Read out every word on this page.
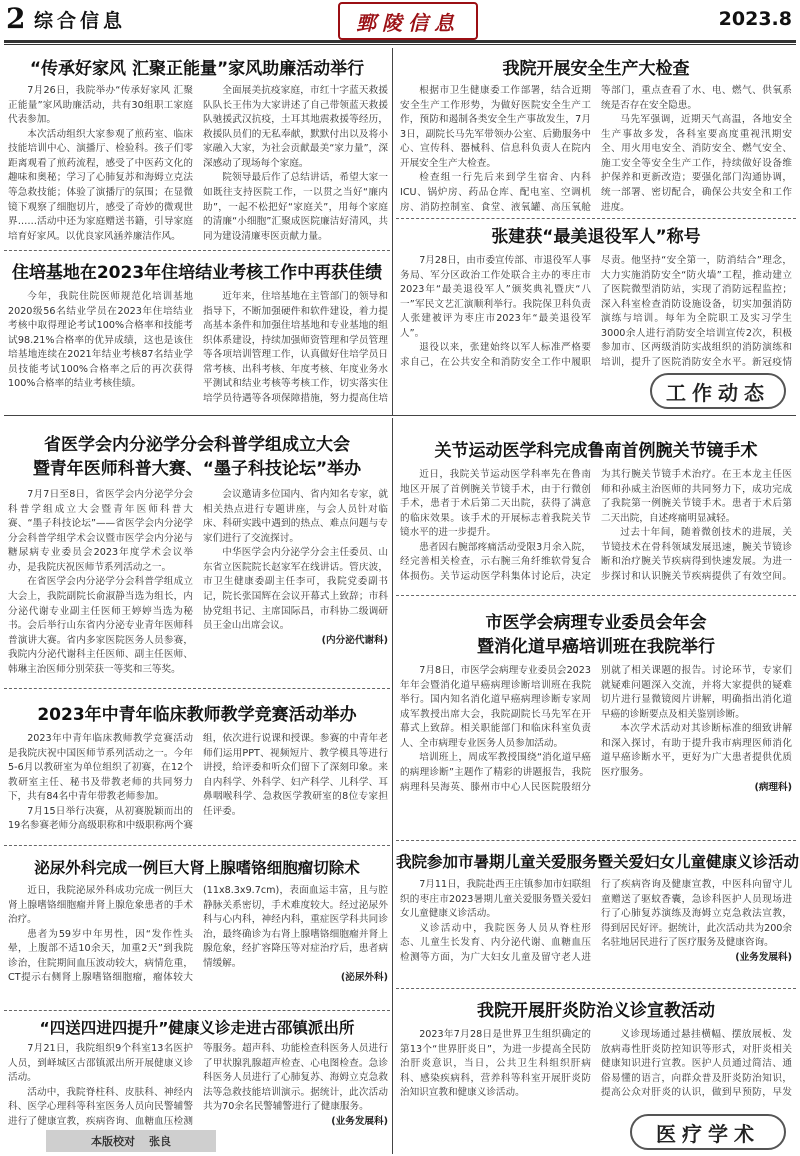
2 综合信息	鄄陵信息	2023.8
“传承好家风 汇聚正能量”家风助廉活动举行

7月26日，我院举办“传承好家风 汇聚正能量”家风助廉活动，共有30组职工家庭代表参加。

本次活动组织大家参观了煎药室、临床技能培训中心、演播厅、检验科。孩子们零距离观看了煎药流程，感受了中医药文化的趣味和奥秘；学习了心肺复苏和海姆立克法等急救技能；体验了演播厅的氛围；在显微镜下观察了细胞切片，感受了奇妙的微观世界……活动中还为家庭赠送书籍，引导家庭培育好家风。以优良家风涵养廉洁作风。

全面展美抗疫家庭，市红十字蓝天救援队队长王伟为大家讲述了自己带领蓝天救援队驰援武汉抗疫，土耳其地震救援等经历，救援队员们的无私奉献，默默付出以及将小家融入大家，为社会贡献最美“家力量”，深深感动了现场每个家庭。

院领导最后作了总结讲话，希望大家一如既往支持医院工作，一以贯之当好“廉内助”，一起不松把好“家庭关”，用每个家庭的清廉“小细胞”汇聚成医院廉洁好清风，共同为建设清廉枣医贡献力量。

住培基地在2023年住培结业考核工作中再获佳绩

今年，我院住院医师规范化培训基地2020级56名结业学员在2023年住培结业考核中取得理论考试100%合格率和技能考试98.21%合格率的优异成绩，这也是该住培基地连续在2021年结业考核87名结业学员技能考试100%合格率之后的再次获得100%合格率的结业考核佳绩。

近年来，住培基地在主管部门的领导和指导下，不断加强硬件和软件建设，着力提高基本条件和加强住培基地和专业基地的组织体系建设，持续加强师资管理和学员管理等各项培训管理工作，认真做好住培学员日常考核、出科考核、年度考核、年度业务水平测试和结业考核等考核工作，切实落实住培学员待遇等各项保障措施，努力提高住培

我院开展安全生产大检查

根据市卫生健康委工作部署，结合近期安全生产工作形势，为做好医院安全生产工作，预防和遏制各类安全生产事故发生，7月3日，副院长马先军带领办公室、后勤服务中心、宣传科、器械科、信息科负责人在院内开展安全生产大检查。

检查组一行先后来到学生宿舍、内科ICU、锅炉房、药品仓库、配电室、空调机房、消防控制室、食堂、液氧罐、高压氧舱等部门，重点查看了水、电、燃气、供氧系统是否存在安全隐患。

马先军强调，近期天气高温，各地安全生产事故多发，各科室要高度重视汛期安全、用火用电安全、消防安全、燃气安全、施工安全等安全生产工作，持续做好设备维护保养和更新改造；要强化部门沟通协调，统一部署、密切配合，确保公共安全和工作进度。

张建获“最美退役军人”称号

7月28日，由市委宣传部、市退役军人事务局、军分区政治工作处联合主办的枣庄市2023年“最美退役军人”颁奖典礼暨庆“八一”军民文艺汇演顺利举行。我院保卫科负责人张建被评为枣庄市2023年“最美退役军人”。

退役以来，张建始终以军人标准严格要求自己，在公共安全和消防安全工作中履职尽责。他坚持“安全第一，防消结合”理念，大力实施消防安全“防火墙”工程，推动建立了医院微型消防站，实现了消防远程监控；深入科室检查消防设施设备，切实加强消防演练与培训。每年为全院职工及实习学生3000余人进行消防安全培训宣传2次，积极参加市、区两级消防实战组织的消防演练和培训，提升了医院消防安全水平。新冠疫情

工作动态
省医学会内分泌学分会科普学组成立大会
暨青年医师科普大赛、“墨子科技论坛”举办

7月7日至8日，省医学会内分泌学分会科普学组成立大会暨青年医师科普大赛、“墨子科技论坛”——省医学会内分泌学分会科普学组学术会议暨市医学会内分泌与糖尿病专业委员会2023年度学术会议举办，是我院庆祝医师节系列活动之一。

在省医学会内分泌学分会科普学组成立大会上，我院副院长俞淑静当选为组长，内分泌代谢专业副主任医师王婷婷当选为秘书。会后举行山东省内分泌专业青年医师科普演讲大赛。省内多家医院医务人员参赛，我院内分泌代谢科主任医师、副主任医师、韩琳主治医师分别荣获一等奖和三等奖。

会议邀请多位国内、省内知名专家，就相关热点进行专题讲座，与会人员针对临床、科研实践中遇到的热点、难点问题与专家们进行了交流探讨。

中华医学会内分泌学分会主任委员、山东省立医院院长赵家军在线讲话。管庆波，市卫生健康委副主任李可，我院党委副书记，院长张国辉在会议开幕式上致辞；市科协党组书记、主席国际昌，市科协二级调研员王金山出席会议。

(内分泌代谢科)

2023年中青年临床教师教学竞赛活动举办

2023年中青年临床教师教学竞赛活动是我院庆祝中国医师节系列活动之一。今年5-6月以教研室为单位组织了初赛，在12个教研室主任、秘书及带教老师的共同努力下，共有84名中青年带教老师参加。

7月15日举行决赛，从初赛脱颖而出的19名参赛老师分高级职称和中级职称两个赛组，依次进行说课和授课。参赛的中青年老师们运用PPT、视频短片、教学模具等进行讲授，给评委和听众们留下了深刻印象。来自内科学、外科学、妇产科学、儿科学、耳鼻咽喉科学、急救医学教研室的8位专家担任评委。

关节运动医学科完成鲁南首例腕关节镜手术

近日，我院关节运动医学科率先在鲁南地区开展了首例腕关节镜手术，由于行微创手术，患者于术后第二天出院，获得了满意的临床效果。该手术的开展标志着我院关节镜水平的进一步提升。

患者因右腕部疼痛活动受限3月余入院，经完善相关检查，示右腕三角纤维软骨复合体损伤。关节运动医学科集体讨论后，决定为其行腕关节镜手术治疗。在王本龙主任医师和孙威主治医师的共同努力下，成功完成了我院第一例腕关节镜手术。患者于术后第二天出院，自述疼痛明显减轻。

过去十年间，随着微创技术的进展，关节镜技术在骨科领域发展迅速，腕关节镜诊断和治疗腕关节疾病得到快速发展。为进一步探讨和认识腕关节疾病提供了有效空间。

市医学会病理专业委员会年会
暨消化道早癌培训班在我院举行

7月8日，市医学会病理专业委员会2023年年会暨消化道早癌病理诊断培训班在我院举行。国内知名消化道早癌病理诊断专家周成军教授出席大会，我院副院长马先军在开幕式上致辞。相关职能部门和临床科室负责人、全市病理专业医务人员参加活动。

培训班上，周成军教授围绕“消化道早癌的病理诊断”主题作了精彩的讲题报告，我院病理科吴海英、滕州市中心人民医院殷绍分别就了相关课题的报告。讨论环节，专家们就疑难问题深入交流，并将大家提供的疑难切片进行显微镜阅片讲解，明确指出消化道早癌的诊断要点及相关鉴别诊断。

本次学术活动对其诊断标准的细致讲解和深入探讨，有助于提升我市病理医师消化道早癌诊断水平，更好为广大患者提供优质医疗服务。

(病理科)

泌尿外科完成一例巨大肾上腺嗜铬细胞瘤切除术

近日，我院泌尿外科成功完成一例巨大肾上腺嗜铬细胞瘤并肾上腺危象患者的手术治疗。

患者为59岁中年男性，因“发作性头晕，上腹部不适10余天，加重2天”到我院诊治，住院期间血压波动较大，病情危重，CT提示右侧肾上腺嗜铬细胞瘤，瘤体较大(11x8.3x9.7cm)，表面血运丰富，且与腔静脉关系密切，手术难度较大。经过泌尿外科与心内科，神经内科，重症医学科共同诊治，最终确诊为右肾上腺嗜铬细胞瘤并肾上腺危象，经扩容降压等对症治疗后，患者病情缓解。

(泌尿外科)

“四送四进四提升”健康义诊走进古邵镇派出所

7月21日，我院组织9个科室13名医护人员，到峄城区古邵镇派出所开展健康义诊活动。

活动中，我院脊柱科、皮肤科、神经内科、医学心理科等科室医务人员向民警辅警进行了健康宣教，疾病咨询、血糖血压检测等服务。超声科、功能检查科医务人员进行了甲状腺乳腺超声检查、心电图检查。急诊科医务人员进行了心肺复苏、海姆立克急救法等急救技能培训演示。据统计，此次活动共为70余名民警辅警进行了健康服务。

(业务发展科)

我院参加市暑期儿童关爱服务暨关爱妇女儿童健康义诊活动

7月11日，我院赴西王庄镇参加市妇联组织的枣庄市2023暑期儿童关爱服务暨关爱妇女儿童健康义诊活动。

义诊活动中，我院医务人员从脊柱形态、儿童生长发育、内分泌代谢、血糖血压检测等方面，为广大妇女儿童及留守老人进行了疾病咨询及健康宣教，中医科向留守儿童赠送了驱蚊香囊，急诊科医护人员现场进行了心肺复苏演练及海姆立克急救法宣教，得到居民好评。据统计，此次活动共为200余名驻地居民进行了医疗服务及健康咨询。

(业务发展科)

我院开展肝炎防治义诊宣教活动

2023年7月28日是世界卫生组织确定的第13个“世界肝炎日”，为进一步提高全民防治肝炎意识，当日，公共卫生科组织肝病科、感染疾病科，营养科等科室开展肝炎防治知识宣教和健康义诊活动。

义诊现场通过悬挂横幅、摆放展板、发放病毒性肝炎防控知识等形式，对肝炎相关健康知识进行宣教。医护人员通过简洁、通俗易懂的语言，向群众普及肝炎防治知识，提高公众对肝炎的认识，做到早预防，早发

医疗学术
本版校对 张良
